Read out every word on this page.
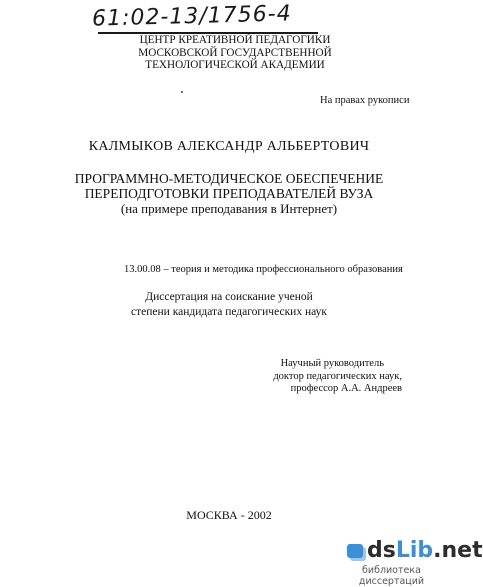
61:02-13/1756-4
ЦЕНТР КРЕАТИВНОЙ ПЕДАГОГИКИ
МОСКОВСКОЙ ГОСУДАРСТВЕННОЙ
ТЕХНОЛОГИЧЕСКОЙ АКАДЕМИИ
На правах рукописи
КАЛМЫКОВ АЛЕКСАНДР АЛЬБЕРТОВИЧ
ПРОГРАММНО-МЕТОДИЧЕСКОЕ ОБЕСПЕЧЕНИЕ
ПЕРЕПОДГОТОВКИ ПРЕПОДАВАТЕЛЕЙ ВУЗА
(на примере преподавания в Интернет)
13.00.08 – теория и методика профессионального образования
Диссертация на соискание ученой
степени кандидата педагогических наук
Научный руководитель
доктор педагогических наук,
профессор А.А. Андреев
МОСКВА - 2002
dsLib.net
библиотека диссертаций
